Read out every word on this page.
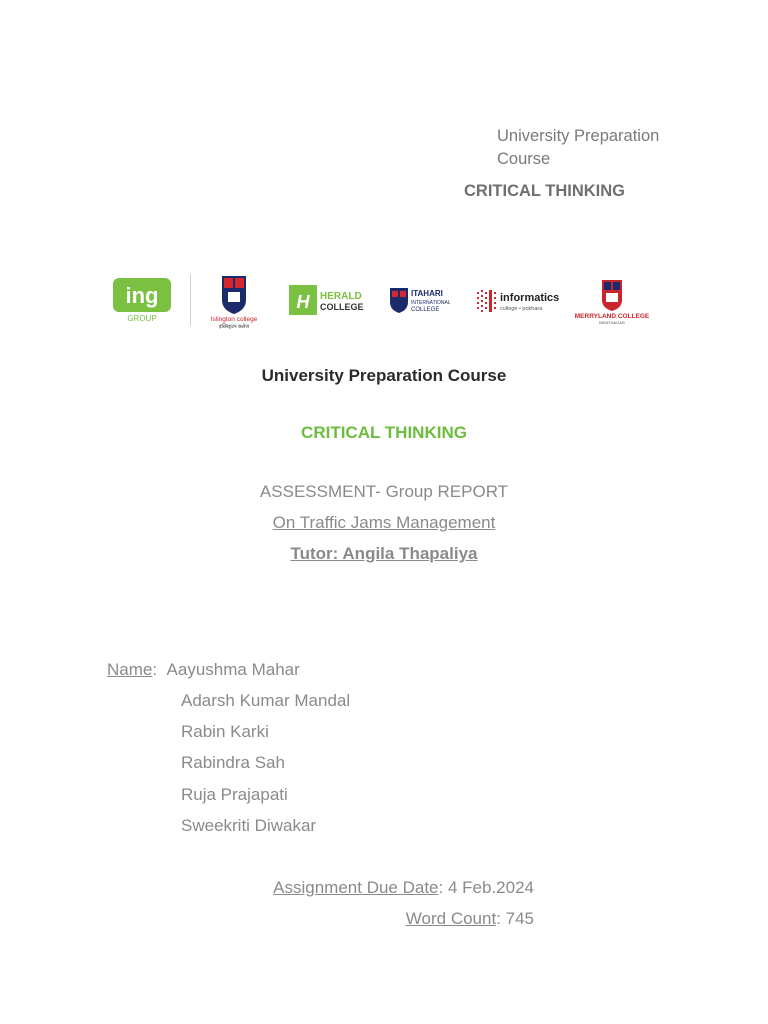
University Preparation Course
CRITICAL THINKING
ing
GROUP	Islington college
इस्लिङ्टन कलेज
H HERALD
COLLEGE
ITAHARI
INTERNATIONAL
COLLEGE
informatics
college • pokhara
MERRYLAND COLLEGE
BIRATNAGAR
University Preparation Course
CRITICAL THINKING
ASSESSMENT- Group REPORT
On Traffic Jams Management
Tutor: Angila Thapaliya
Name:  Aayushma Mahar
Adarsh Kumar Mandal
Rabin Karki
Rabindra Sah
Ruja Prajapati
Sweekriti Diwakar
Assignment Due Date: 4 Feb.2024
Word Count: 745
